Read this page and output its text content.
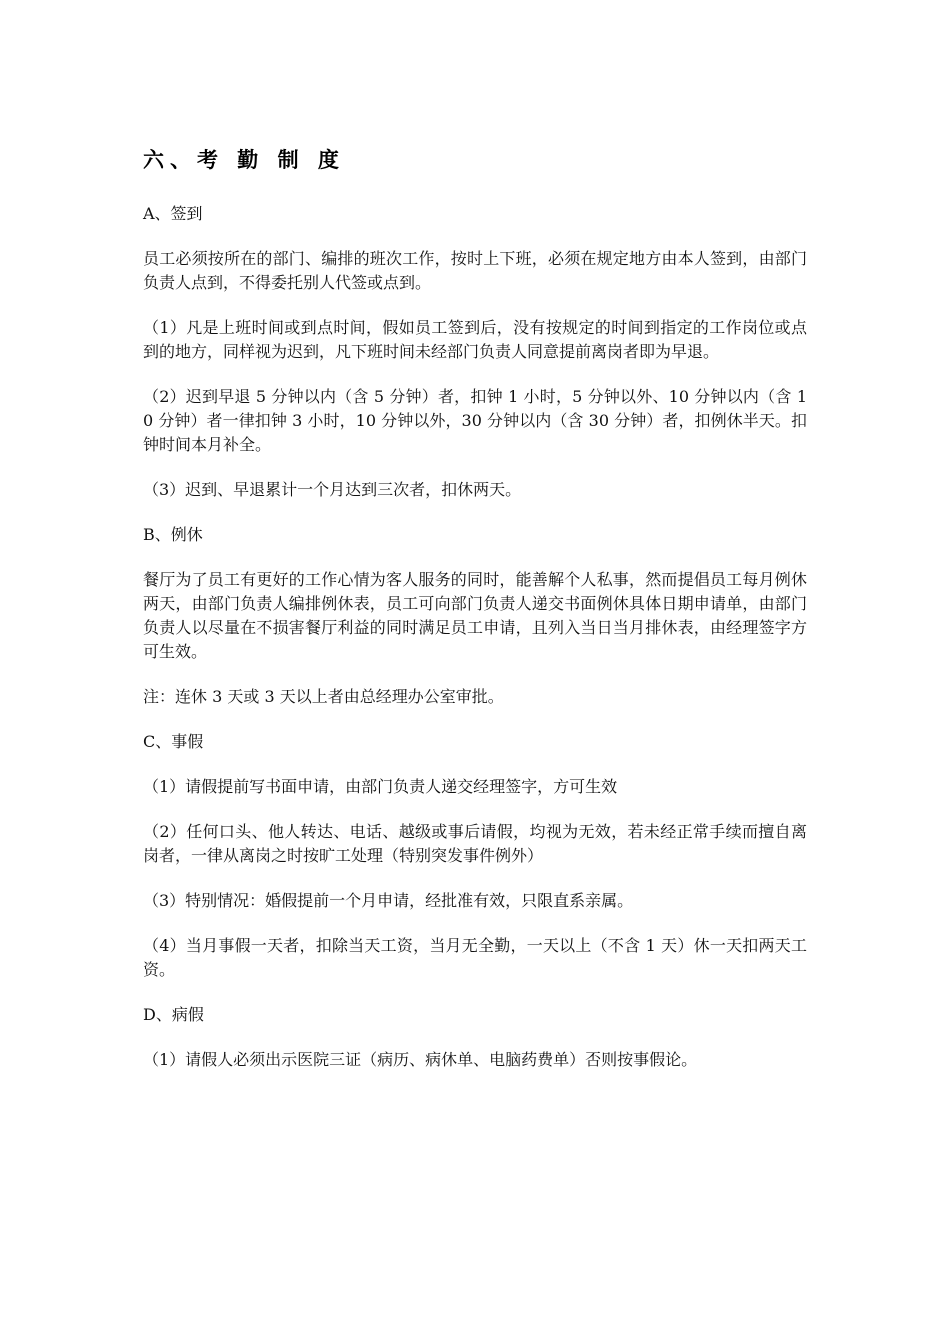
六、考 勤 制 度
A、签到

员工必须按所在的部门、编排的班次工作，按时上下班，必须在规定地方由本人签到，由部门负责人点到，不得委托别人代签或点到。

（1）凡是上班时间或到点时间，假如员工签到后，没有按规定的时间到指定的工作岗位或点到的地方，同样视为迟到，凡下班时间未经部门负责人同意提前离岗者即为早退。

（2）迟到早退 5 分钟以内（含 5 分钟）者，扣钟 1 小时，5 分钟以外、10 分钟以内（含 10 分钟）者一律扣钟 3 小时，10 分钟以外，30 分钟以内（含 30 分钟）者，扣例休半天。扣钟时间本月补全。

（3）迟到、早退累计一个月达到三次者，扣休两天。

B、例休

餐厅为了员工有更好的工作心情为客人服务的同时，能善解个人私事，然而提倡员工每月例休两天，由部门负责人编排例休表，员工可向部门负责人递交书面例休具体日期申请单，由部门负责人以尽量在不损害餐厅利益的同时满足员工申请，且列入当日当月排休表，由经理签字方可生效。

注：连休 3 天或 3 天以上者由总经理办公室审批。

C、事假

（1）请假提前写书面申请，由部门负责人递交经理签字，方可生效

（2）任何口头、他人转达、电话、越级或事后请假，均视为无效，若未经正常手续而擅自离岗者，一律从离岗之时按旷工处理（特别突发事件例外）

（3）特别情况：婚假提前一个月申请，经批准有效，只限直系亲属。

（4）当月事假一天者，扣除当天工资，当月无全勤，一天以上（不含 1 天）休一天扣两天工资。

D、病假

（1）请假人必须出示医院三证（病历、病休单、电脑药费单）否则按事假论。
